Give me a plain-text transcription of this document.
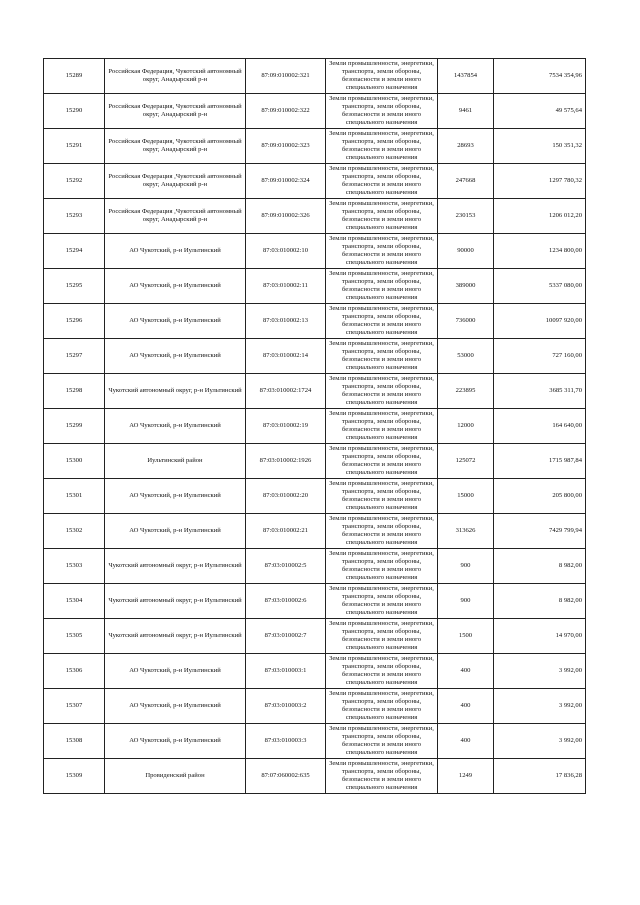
15289	Российская Федерация, Чукотский автономный округ, Анадырский р-н	87:09:010002:321	Земли промышленности, энергетики, транспорта, земли обороны, безопасности и земли иного специального назначения	1437854	7534 354,96
15290	Российская Федерация, Чукотский автономный округ, Анадырский р-н	87:09:010002:322	Земли промышленности, энергетики, транспорта, земли обороны, безопасности и земли иного специального назначения	9461	49 575,64
15291	Российская Федерация, Чукотский автономный округ, Анадырский р-н	87:09:010002:323	Земли промышленности, энергетики, транспорта, земли обороны, безопасности и земли иного специального назначения	28693	150 351,32
15292	Российская Федерация ,Чукотский автономный округ, Анадырский р-н	87:09:010002:324	Земли промышленности, энергетики, транспорта, земли обороны, безопасности и земли иного специального назначения	247668	1297 780,32
15293	Российская Федерация ,Чукотский автономный округ, Анадырский р-н	87:09:010002:326	Земли промышленности, энергетики, транспорта, земли обороны, безопасности и земли иного специального назначения	230153	1206 012,20
15294	АО Чукотский, р-н Иультинский	87:03:010002:10	Земли промышленности, энергетики, транспорта, земли обороны, безопасности и земли иного специального назначения	90000	1234 800,00
15295	АО Чукотский, р-н Иультинский	87:03:010002:11	Земли промышленности, энергетики, транспорта, земли обороны, безопасности и земли иного специального назначения	389000	5337 080,00
15296	АО Чукотский, р-н Иультинский	87:03:010002:13	Земли промышленности, энергетики, транспорта, земли обороны, безопасности и земли иного специального назначения	736000	10097 920,00
15297	АО Чукотский, р-н Иультинский	87:03:010002:14	Земли промышленности, энергетики, транспорта, земли обороны, безопасности и земли иного специального назначения	53000	727 160,00
15298	Чукотский автономный округ, р-н Иультинский	87:03:010002:1724	Земли промышленности, энергетики, транспорта, земли обороны, безопасности и земли иного специального назначения	223895	3685 311,70
15299	АО Чукотский, р-н Иультинский	87:03:010002:19	Земли промышленности, энергетики, транспорта, земли обороны, безопасности и земли иного специального назначения	12000	164 640,00
15300	Иультинский район	87:03:010002:1926	Земли промышленности, энергетики, транспорта, земли обороны, безопасности и земли иного специального назначения	125072	1715 987,84
15301	АО Чукотский, р-н Иультинский	87:03:010002:20	Земли промышленности, энергетики, транспорта, земли обороны, безопасности и земли иного специального назначения	15000	205 800,00
15302	АО Чукотский, р-н Иультинский	87:03:010002:21	Земли промышленности, энергетики, транспорта, земли обороны, безопасности и земли иного специального назначения	313626	7429 799,94
15303	Чукотский автономный округ, р-н Иультинский	87:03:010002:5	Земли промышленности, энергетики, транспорта, земли обороны, безопасности и земли иного специального назначения	900	8 982,00
15304	Чукотский автономный округ, р-н Иультинский	87:03:010002:6	Земли промышленности, энергетики, транспорта, земли обороны, безопасности и земли иного специального назначения	900	8 982,00
15305	Чукотский автономный округ, р-н Иультинский	87:03:010002:7	Земли промышленности, энергетики, транспорта, земли обороны, безопасности и земли иного специального назначения	1500	14 970,00
15306	АО Чукотский, р-н Иультинский	87:03:010003:1	Земли промышленности, энергетики, транспорта, земли обороны, безопасности и земли иного специального назначения	400	3 992,00
15307	АО Чукотский, р-н Иультинский	87:03:010003:2	Земли промышленности, энергетики, транспорта, земли обороны, безопасности и земли иного специального назначения	400	3 992,00
15308	АО Чукотский, р-н Иультинский	87:03:010003:3	Земли промышленности, энергетики, транспорта, земли обороны, безопасности и земли иного специального назначения	400	3 992,00
15309	Провиденский район	87:07:060002:635	Земли промышленности, энергетики, транспорта, земли обороны, безопасности и земли иного специального назначения	1249	17 836,28
